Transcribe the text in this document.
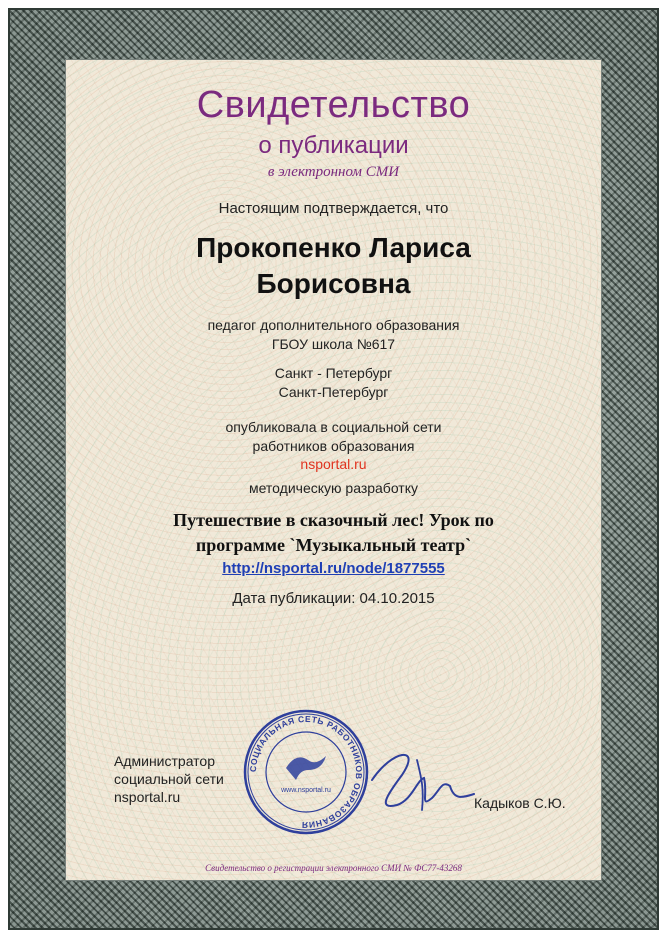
Свидетельство
о публикации
в электронном СМИ
Настоящим подтверждается, что
Прокопенко Лариса
Борисовна
педагог дополнительного образования
ГБОУ школа №617
Санкт - Петербург
Санкт-Петербург
опубликовала в социальной сети
работников образования
nsportal.ru
методическую разработку
Путешествие в сказочный лес! Урок по
программе `Музыкальный театр`
http://nsportal.ru/node/1877555
Дата публикации: 04.10.2015
Администратор
социальной сети
nsportal.ru
СОЦИАЛЬНАЯ СЕТЬ РАБОТНИКОВ ОБРАЗОВАНИЯ
www.nsportal.ru
Кадыков С.Ю.
Свидетельство о регистрации электронного СМИ № ФС77-43268
